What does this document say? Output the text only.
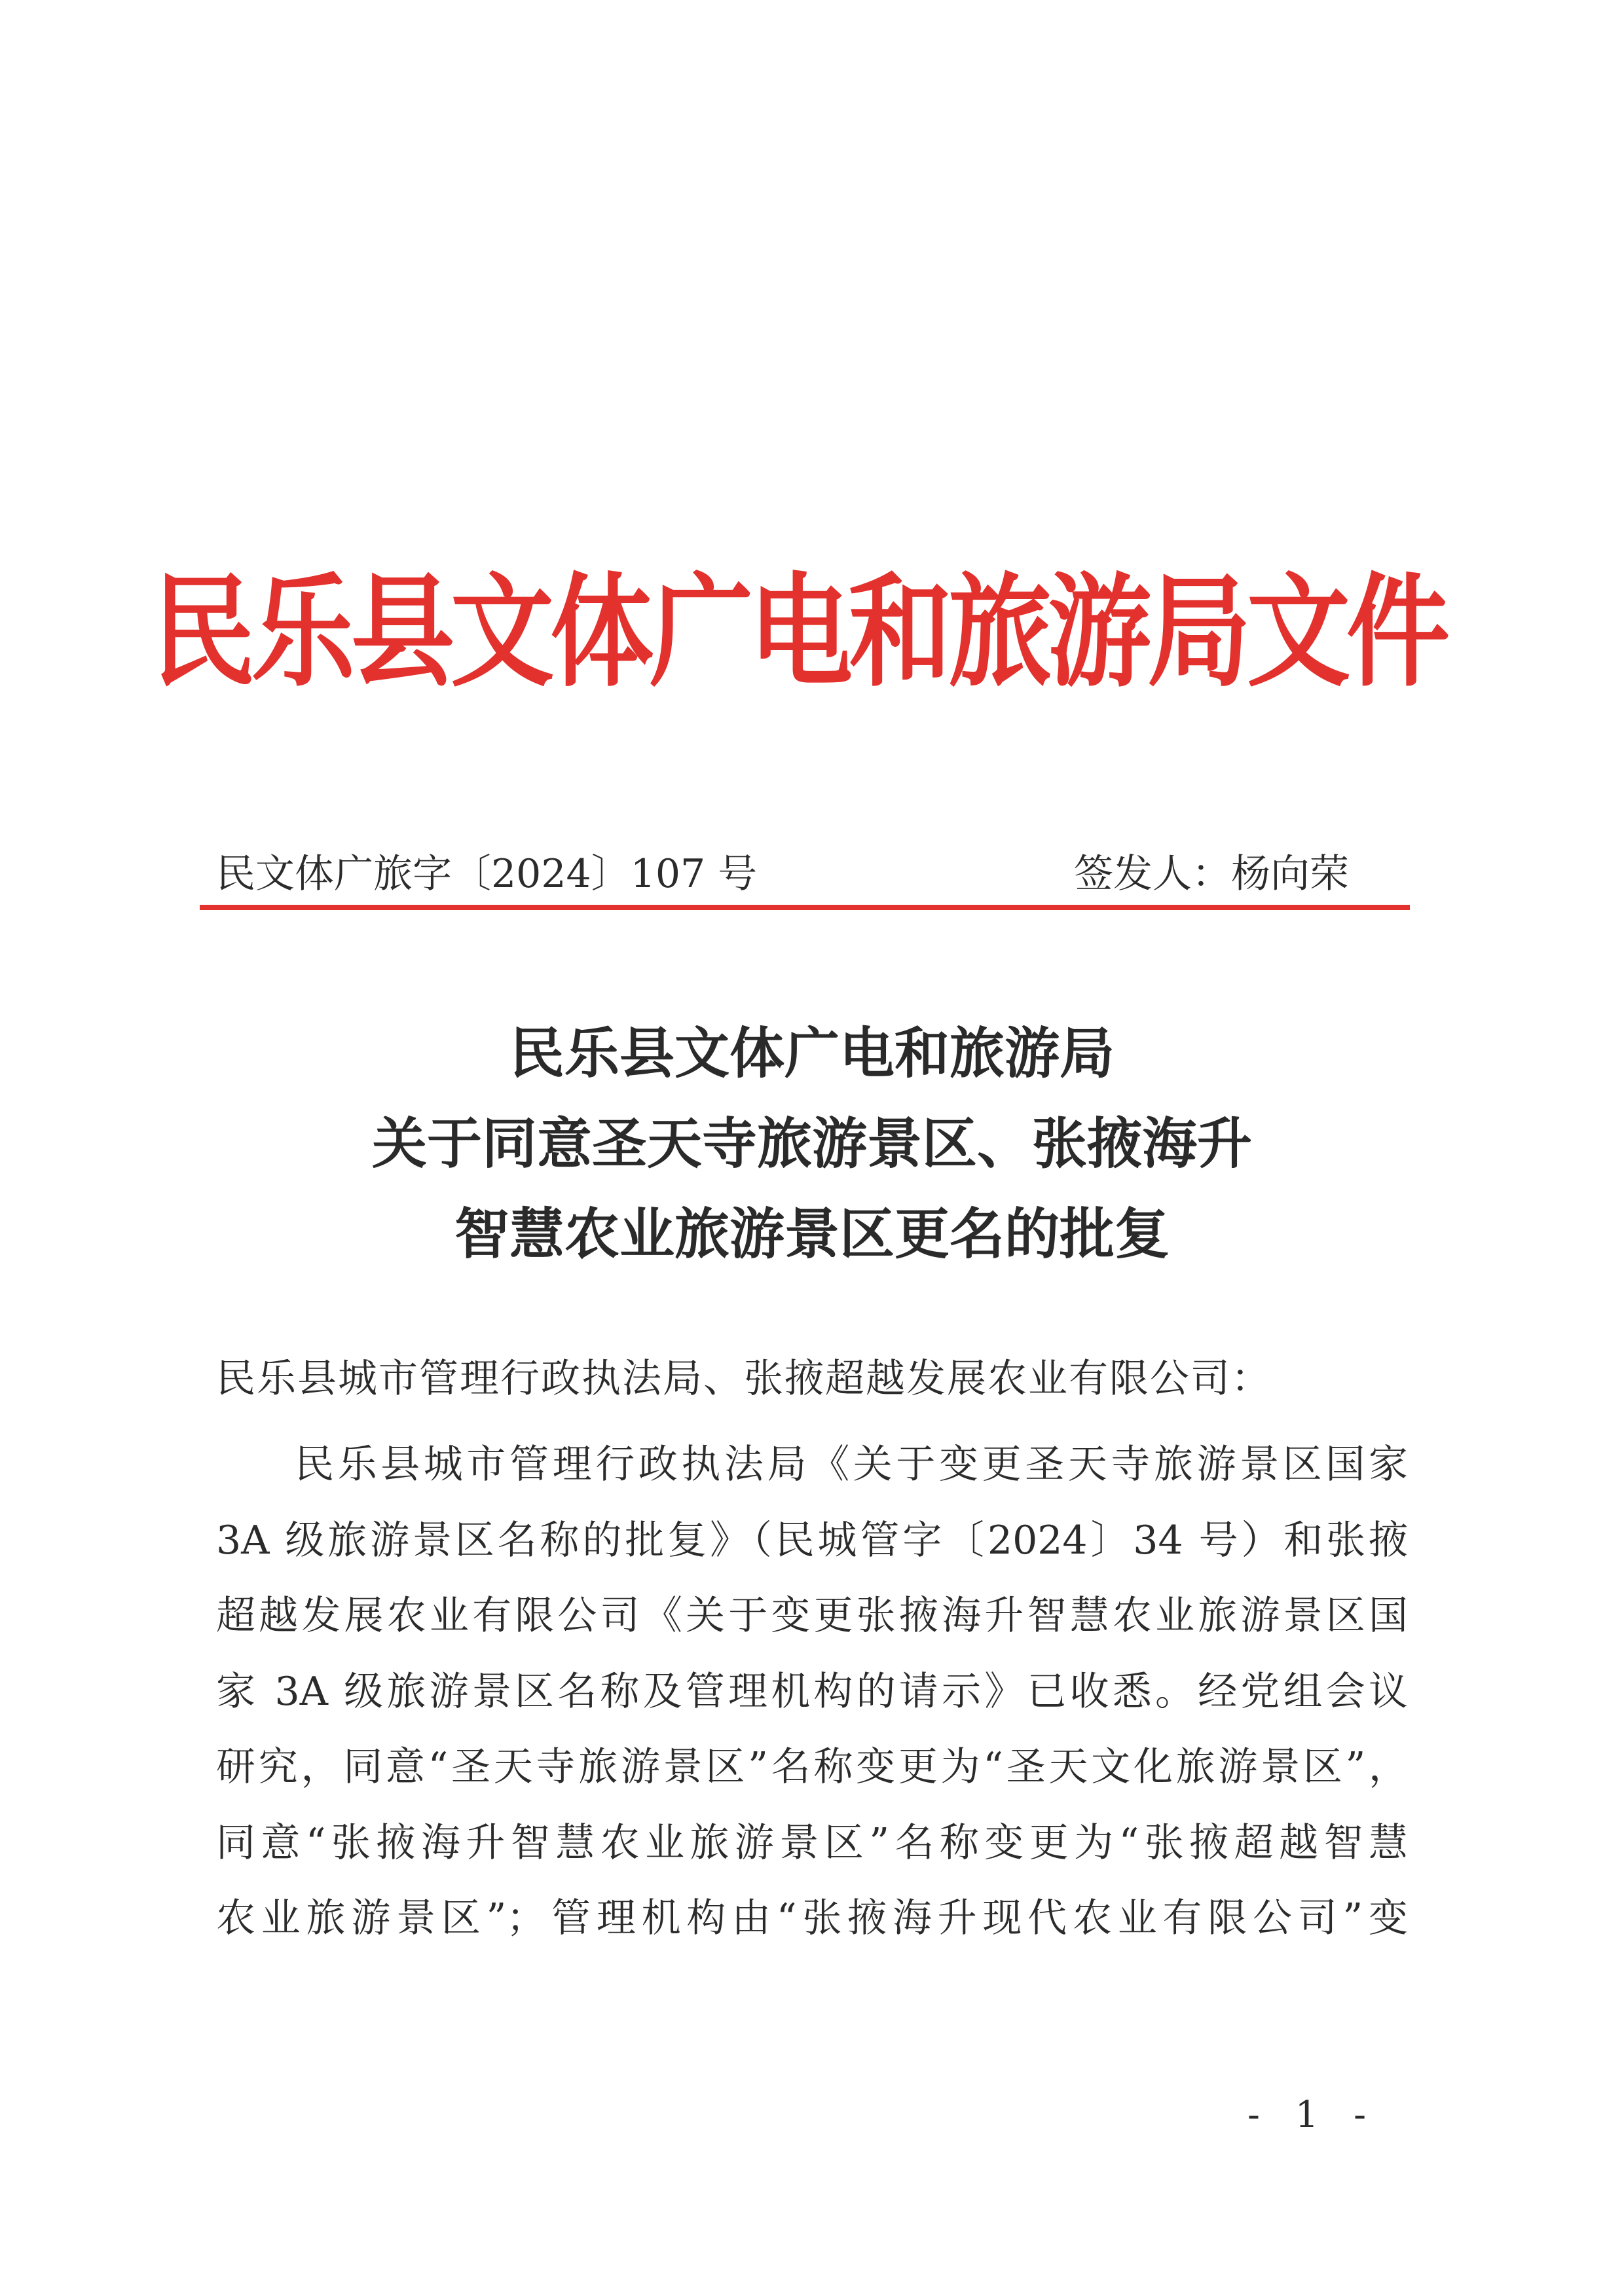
民乐县文体广电和旅游局文件
民文体广旅字〔2024〕107 号	签发人：杨向荣
民乐县文体广电和旅游局
关于同意圣天寺旅游景区、张掖海升
智慧农业旅游景区更名的批复
民乐县城市管理行政执法局、张掖超越发展农业有限公司：
民乐县城市管理行政执法局《关于变更圣天寺旅游景区国家
3A 级旅游景区名称的批复》（民城管字〔2024〕34 号）和张掖
超越发展农业有限公司《关于变更张掖海升智慧农业旅游景区国
家 3A 级旅游景区名称及管理机构的请示》已收悉。经党组会议
研究，同意“圣天寺旅游景区”名称变更为“圣天文化旅游景区”，
同意“张掖海升智慧农业旅游景区”名称变更为“张掖超越智慧
农业旅游景区”；管理机构由“张掖海升现代农业有限公司”变
- 1 -
